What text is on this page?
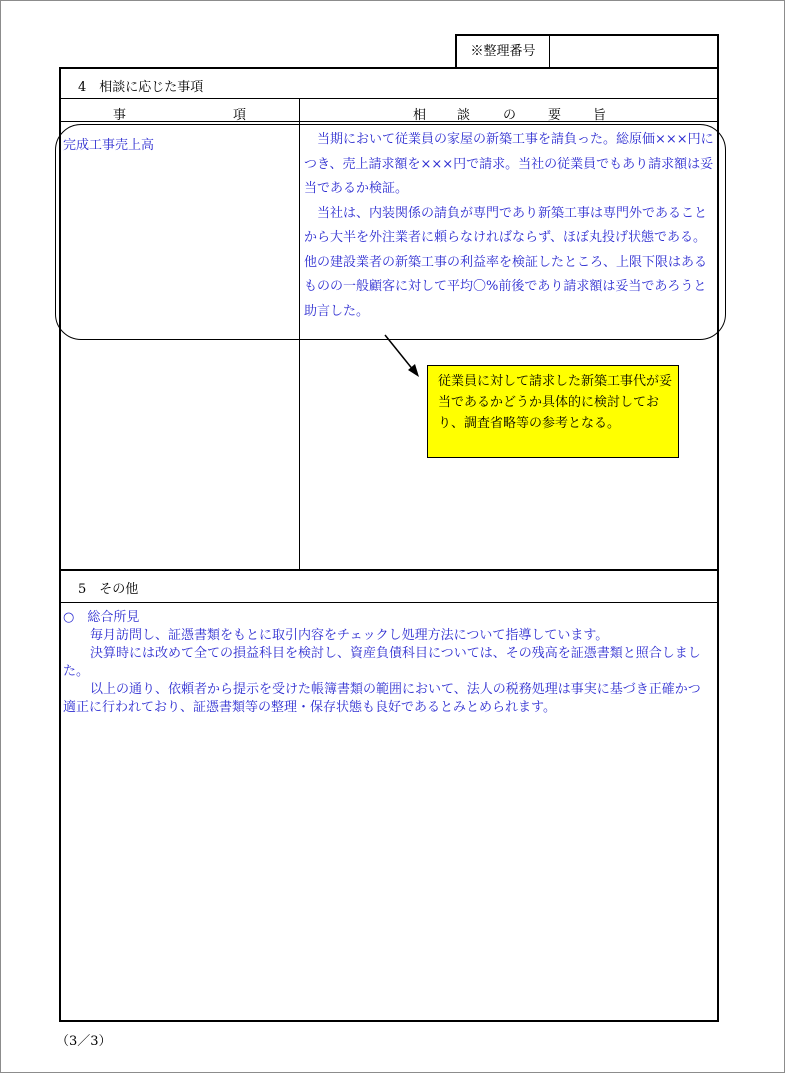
※整理番号
4　相談に応じた事項
事	項	相 談	の 要 旨
完成工事売上高	当期において従業員の家屋の新築工事を請負った。総原価×××円につき、売上請求額を×××円で請求。当社の従業員でもあり請求額は妥当であるか検証。

当社は、内装関係の請負が専門であり新築工事は専門外であることから大半を外注業者に頼らなければならず、ほぼ丸投げ状態である。他の建設業者の新築工事の利益率を検証したところ、上限下限はあるものの一般顧客に対して平均〇%前後であり請求額は妥当であろうと助言した。

従業員に対して請求した新築工事代が妥当であるかどうか具体的に検討しており、調査省略等の参考となる。
5　その他

○　総合所見

毎月訪問し、証憑書類をもとに取引内容をチェックし処理方法について指導しています。

決算時には改めて全ての損益科目を検討し、資産負債科目については、その残高を証憑書類と照合しました。

以上の通り、依頼者から提示を受けた帳簿書類の範囲において、法人の税務処理は事実に基づき正確かつ適正に行われており、証憑書類等の整理・保存状態も良好であるとみとめられます。

（3／3）
